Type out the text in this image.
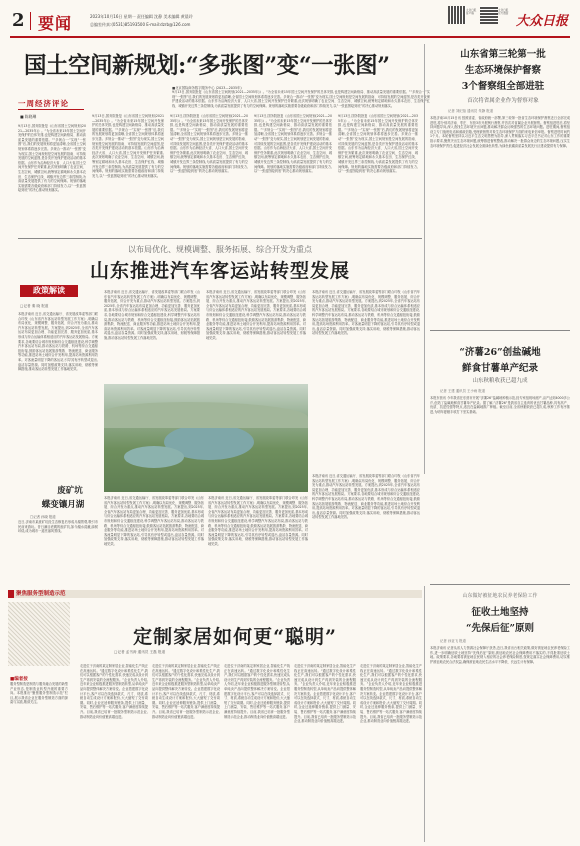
2 要闻	2023年10月16日 星期一 责任编辑 沈静 美术编辑 黄晨玲
总编室传真:(0531)85193500 E-mail:dzrb@126.com
大众日报 客户端
大众日报 官方微信
大众日报
国土空间新规划:“多张图”变“一张图”
■北京国际商务数字服务中心 (2023—2035年)
9月13日,国务院批复《山东省国土空间规划(2021—2035年)》。“为全省未来15年国土空间开发保护的总体安排,也是构建空间新格局、推动高质量发展的重要依据。”“多规合一”实现“一张图”后,我们的发展规划将更加清晰,全省国土空间规划体系将逐步完善。多规合一推动“一张图”变为现实,国土空间规划是空间发展的指南、可持续发展的空间蓝图,是各类开发保护建设活动的基本依据。山东作为沿海经济大省、人口大省,国土空间开发保护任务繁重,此次规划明确了农业空间、生态空间、城镇空间,统筹划定耕地和永久基本农田、生态保护红线、城镇开发边界三条控制线,为高质量发展提供了有力的空间保障。规划的落地实施需要各级政府和部门持续发力,以“一张蓝图绘到底”的决心推动规划落实。
一周经济评论
■ 陈晓琳
9月13日,国务院批复《山东省国土空间规划(2021—2035年)》。“为全省未来15年国土空间开发保护的总体安排,也是构建空间新格局、推动高质量发展的重要依据。”“多规合一”实现“一张图”后,我们的发展规划将更加清晰,全省国土空间规划体系将逐步完善。多规合一推动“一张图”变为现实,国土空间规划是空间发展的指南、可持续发展的空间蓝图,是各类开发保护建设活动的基本依据。山东作为沿海经济大省、人口大省,国土空间开发保护任务繁重,此次规划明确了农业空间、生态空间、城镇空间,统筹划定耕地和永久基本农田、生态保护红线、城镇开发边界三条控制线,为高质量发展提供了有力的空间保障。规划的落地实施需要各级政府和部门持续发力,以“一张蓝图绘到底”的决心推动规划落实。
9月13日,国务院批复《山东省国土空间规划(2021—2035年)》。“为全省未来15年国土空间开发保护的总体安排,也是构建空间新格局、推动高质量发展的重要依据。”“多规合一”实现“一张图”后,我们的发展规划将更加清晰,全省国土空间规划体系将逐步完善。多规合一推动“一张图”变为现实,国土空间规划是空间发展的指南、可持续发展的空间蓝图,是各类开发保护建设活动的基本依据。山东作为沿海经济大省、人口大省,国土空间开发保护任务繁重,此次规划明确了农业空间、生态空间、城镇空间,统筹划定耕地和永久基本农田、生态保护红线、城镇开发边界三条控制线,为高质量发展提供了有力的空间保障。规划的落地实施需要各级政府和部门持续发力,以“一张蓝图绘到底”的决心推动规划落实。
9月13日,国务院批复《山东省国土空间规划(2021—2035年)》。“为全省未来15年国土空间开发保护的总体安排,也是构建空间新格局、推动高质量发展的重要依据。”“多规合一”实现“一张图”后,我们的发展规划将更加清晰,全省国土空间规划体系将逐步完善。多规合一推动“一张图”变为现实,国土空间规划是空间发展的指南、可持续发展的空间蓝图,是各类开发保护建设活动的基本依据。山东作为沿海经济大省、人口大省,国土空间开发保护任务繁重,此次规划明确了农业空间、生态空间、城镇空间,统筹划定耕地和永久基本农田、生态保护红线、城镇开发边界三条控制线,为高质量发展提供了有力的空间保障。规划的落地实施需要各级政府和部门持续发力,以“一张蓝图绘到底”的决心推动规划落实。
9月13日,国务院批复《山东省国土空间规划(2021—2035年)》。“为全省未来15年国土空间开发保护的总体安排,也是构建空间新格局、推动高质量发展的重要依据。”“多规合一”实现“一张图”后,我们的发展规划将更加清晰,全省国土空间规划体系将逐步完善。多规合一推动“一张图”变为现实,国土空间规划是空间发展的指南、可持续发展的空间蓝图,是各类开发保护建设活动的基本依据。山东作为沿海经济大省、人口大省,国土空间开发保护任务繁重,此次规划明确了农业空间、生态空间、城镇空间,统筹划定耕地和永久基本农田、生态保护红线、城镇开发边界三条控制线,为高质量发展提供了有力的空间保障。规划的落地实施需要各级政府和部门持续发力,以“一张蓝图绘到底”的决心推动规划落实。
9月13日,国务院批复《山东省国土空间规划(2021—2035年)》。“为全省未来15年国土空间开发保护的总体安排,也是构建空间新格局、推动高质量发展的重要依据。”“多规合一”实现“一张图”后,我们的发展规划将更加清晰,全省国土空间规划体系将逐步完善。多规合一推动“一张图”变为现实,国土空间规划是空间发展的指南、可持续发展的空间蓝图,是各类开发保护建设活动的基本依据。山东作为沿海经济大省、人口大省,国土空间开发保护任务繁重,此次规划明确了农业空间、生态空间、城镇空间,统筹划定耕地和永久基本农田、生态保护红线、城镇开发边界三条控制线,为高质量发展提供了有力的空间保障。规划的落地实施需要各级政府和部门持续发力,以“一张蓝图绘到底”的决心推动规划落实。
山东省第三轮第一批
生态环境保护督察
3个督察组全部进驻
首次将省属企业作为督察对象
记者 刘纪蓓 通讯员 朱静 报道
本报济南10月15日讯 按照省委、省政府统一部署,第三轮第一批省生态环境保护督察近日全部完成进驻,将分别对济南、枣庄、东营3市开展例行督察,并首次对省属企业开展督察。督察组进驻后,将坚持问题导向,深入查找生态环境突出问题,推动解决群众反映强烈的生态环境问题。进驻期间,督察组设立专门值班电话和邮政信箱,受理被督察对象生态环境保护方面的来电来信举报。督察进驻时间约1个月。本轮督察坚持以习近平生态文明思想为指导,深入贯彻落实习近平总书记对山东工作的重要指示要求,聚焦突出生态环境问题,统筹推进督察整改,推动解决一批群众身边的生态环境问题,压实生态环境保护责任,促进经济社会发展全面绿色转型,为绿色低碳高质量发展先行区建设提供有力保障。
以布局优化、规模调整、服务拓展、综合开发为重点
山东推进汽车客运站转型发展
政策解读
□记者 秦 晓 报道
本报济南讯 近日,省交通运输厅、省发展改革委等部门联合印发《山东省汽车客运站转型发展工作方案》,明确以布局优化、规模调整、服务拓展、综合开发为重点,推动汽车客运站转型发展。方案提出,到2025年,全省汽车客运站布局更加合理、功能更加完善、服务更加优质,基本形成与综合运输体系相适应的汽车客运站发展格局。方案要求,各地要结合城市规划和综合交通枢纽建设,科学调整汽车客运站布局,推动客运站与铁路、机场等综合交通枢纽衔接,鼓励客运站拓展旅游集散、物流配送、商业服务等功能,推进站场土地综合开发利用,提高站场资源利用效率。对客流量明显下降的客运站,引导其有序转型或退出,盘活存量资源。同时加强政策支持,落实用地、财税等保障措施,推动客运站转型发展工作落地见效。
本报济南讯 近日,省交通运输厅、省发展改革委等部门联合印发《山东省汽车客运站转型发展工作方案》,明确以布局优化、规模调整、服务拓展、综合开发为重点,推动汽车客运站转型发展。方案提出,到2025年,全省汽车客运站布局更加合理、功能更加完善、服务更加优质,基本形成与综合运输体系相适应的汽车客运站发展格局。方案要求,各地要结合城市规划和综合交通枢纽建设,科学调整汽车客运站布局,推动客运站与铁路、机场等综合交通枢纽衔接,鼓励客运站拓展旅游集散、物流配送、商业服务等功能,推进站场土地综合开发利用,提高站场资源利用效率。对客流量明显下降的客运站,引导其有序转型或退出,盘活存量资源。同时加强政策支持,落实用地、财税等保障措施,推动客运站转型发展工作落地见效。
本报济南讯 近日,省交通运输厅、省发展改革委等部门联合印发《山东省汽车客运站转型发展工作方案》,明确以布局优化、规模调整、服务拓展、综合开发为重点,推动汽车客运站转型发展。方案提出,到2025年,全省汽车客运站布局更加合理、功能更加完善、服务更加优质,基本形成与综合运输体系相适应的汽车客运站发展格局。方案要求,各地要结合城市规划和综合交通枢纽建设,科学调整汽车客运站布局,推动客运站与铁路、机场等综合交通枢纽衔接,鼓励客运站拓展旅游集散、物流配送、商业服务等功能,推进站场土地综合开发利用,提高站场资源利用效率。对客流量明显下降的客运站,引导其有序转型或退出,盘活存量资源。同时加强政策支持,落实用地、财税等保障措施,推动客运站转型发展工作落地见效。
本报济南讯 近日,省交通运输厅、省发展改革委等部门联合印发《山东省汽车客运站转型发展工作方案》,明确以布局优化、规模调整、服务拓展、综合开发为重点,推动汽车客运站转型发展。方案提出,到2025年,全省汽车客运站布局更加合理、功能更加完善、服务更加优质,基本形成与综合运输体系相适应的汽车客运站发展格局。方案要求,各地要结合城市规划和综合交通枢纽建设,科学调整汽车客运站布局,推动客运站与铁路、机场等综合交通枢纽衔接,鼓励客运站拓展旅游集散、物流配送、商业服务等功能,推进站场土地综合开发利用,提高站场资源利用效率。对客流量明显下降的客运站,引导其有序转型或退出,盘活存量资源。同时加强政策支持,落实用地、财税等保障措施,推动客运站转型发展工作落地见效。
废矿坑
蝶变镶月湖
□记者 孙晓 报道
近日,济南市某废矿坑经生态修复后形成月湖景观,吸引市民前来游玩。昔日满目疮痍的废矿坑,如今湖水清澈,绿树环绕,成为城市一道亮丽风景线。
本报济南讯 近日,省交通运输厅、省发展改革委等部门联合印发《山东省汽车客运站转型发展工作方案》,明确以布局优化、规模调整、服务拓展、综合开发为重点,推动汽车客运站转型发展。方案提出,到2025年,全省汽车客运站布局更加合理、功能更加完善、服务更加优质,基本形成与综合运输体系相适应的汽车客运站发展格局。方案要求,各地要结合城市规划和综合交通枢纽建设,科学调整汽车客运站布局,推动客运站与铁路、机场等综合交通枢纽衔接,鼓励客运站拓展旅游集散、物流配送、商业服务等功能,推进站场土地综合开发利用,提高站场资源利用效率。对客流量明显下降的客运站,引导其有序转型或退出,盘活存量资源。同时加强政策支持,落实用地、财税等保障措施,推动客运站转型发展工作落地见效。
本报济南讯 近日,省交通运输厅、省发展改革委等部门联合印发《山东省汽车客运站转型发展工作方案》,明确以布局优化、规模调整、服务拓展、综合开发为重点,推动汽车客运站转型发展。方案提出,到2025年,全省汽车客运站布局更加合理、功能更加完善、服务更加优质,基本形成与综合运输体系相适应的汽车客运站发展格局。方案要求,各地要结合城市规划和综合交通枢纽建设,科学调整汽车客运站布局,推动客运站与铁路、机场等综合交通枢纽衔接,鼓励客运站拓展旅游集散、物流配送、商业服务等功能,推进站场土地综合开发利用,提高站场资源利用效率。对客流量明显下降的客运站,引导其有序转型或退出,盘活存量资源。同时加强政策支持,落实用地、财税等保障措施,推动客运站转型发展工作落地见效。
本报济南讯 近日,省交通运输厅、省发展改革委等部门联合印发《山东省汽车客运站转型发展工作方案》,明确以布局优化、规模调整、服务拓展、综合开发为重点,推动汽车客运站转型发展。方案提出,到2025年,全省汽车客运站布局更加合理、功能更加完善、服务更加优质,基本形成与综合运输体系相适应的汽车客运站发展格局。方案要求,各地要结合城市规划和综合交通枢纽建设,科学调整汽车客运站布局,推动客运站与铁路、机场等综合交通枢纽衔接,鼓励客运站拓展旅游集散、物流配送、商业服务等功能,推进站场土地综合开发利用,提高站场资源利用效率。对客流量明显下降的客运站,引导其有序转型或退出,盘活存量资源。同时加强政策支持,落实用地、财税等保障措施,推动客运站转型发展工作落地见效。
“济薯26”创盐碱地
鲜食甘薯单产纪录
山东秋粮收获已超九成
记者 王建 通讯员 王小雨 报道
本报东营讯 今年我省在东营市开展“济薯26”盐碱地种植示范,经专家组现场测产,亩产达到4000多公斤,创造了盐碱地鲜食甘薯单产纪录。据了解,“济薯26”是我省自主选育的优良甘薯品种,具有高产、优质、抗逆性强等特点,适宜在盐碱地推广种植。截至目前,全省秋粮收获已超九成,秋种工作有序推进,为明年夏粮丰收打下坚实基础。
聚焦服务型制造示范
定制家居如何更“聪明”
□记者 孟书涛 通讯员 王磊 报道
■编者按
服务型制造是制造与服务融合发展的新型产业形态,是制造业转型升级的重要方向。本报推出“聚焦服务型制造示范”栏目,展示我省企业在服务型制造方面的探索与实践,敬请关注。
走进位于济南的某定制家居企业,智能化生产线正在高速运转。“通过数字化设计和柔性化生产,我们可以根据客户的个性化需求,快速完成从设计到生产再到安装的全流程服务。”企业负责人介绍,近年来企业积极推进服务型制造转型,从单纯卖产品向提供整体解决方案转变。企业搭建数字化设计平台,客户可以在线选择款式、尺寸、材质,系统自动生成设计方案和报价,大大缩短了交付周期。同时,企业还延伸服务链条,提供上门测量、安装、售后维护等一站式服务,客户满意度持续提升。目前,我省已培育一批服务型制造示范企业,推动制造业向价值链高端迈进。
走进位于济南的某定制家居企业,智能化生产线正在高速运转。“通过数字化设计和柔性化生产,我们可以根据客户的个性化需求,快速完成从设计到生产再到安装的全流程服务。”企业负责人介绍,近年来企业积极推进服务型制造转型,从单纯卖产品向提供整体解决方案转变。企业搭建数字化设计平台,客户可以在线选择款式、尺寸、材质,系统自动生成设计方案和报价,大大缩短了交付周期。同时,企业还延伸服务链条,提供上门测量、安装、售后维护等一站式服务,客户满意度持续提升。目前,我省已培育一批服务型制造示范企业,推动制造业向价值链高端迈进。
走进位于济南的某定制家居企业,智能化生产线正在高速运转。“通过数字化设计和柔性化生产,我们可以根据客户的个性化需求,快速完成从设计到生产再到安装的全流程服务。”企业负责人介绍,近年来企业积极推进服务型制造转型,从单纯卖产品向提供整体解决方案转变。企业搭建数字化设计平台,客户可以在线选择款式、尺寸、材质,系统自动生成设计方案和报价,大大缩短了交付周期。同时,企业还延伸服务链条,提供上门测量、安装、售后维护等一站式服务,客户满意度持续提升。目前,我省已培育一批服务型制造示范企业,推动制造业向价值链高端迈进。
走进位于济南的某定制家居企业,智能化生产线正在高速运转。“通过数字化设计和柔性化生产,我们可以根据客户的个性化需求,快速完成从设计到生产再到安装的全流程服务。”企业负责人介绍,近年来企业积极推进服务型制造转型,从单纯卖产品向提供整体解决方案转变。企业搭建数字化设计平台,客户可以在线选择款式、尺寸、材质,系统自动生成设计方案和报价,大大缩短了交付周期。同时,企业还延伸服务链条,提供上门测量、安装、售后维护等一站式服务,客户满意度持续提升。目前,我省已培育一批服务型制造示范企业,推动制造业向价值链高端迈进。
走进位于济南的某定制家居企业,智能化生产线正在高速运转。“通过数字化设计和柔性化生产,我们可以根据客户的个性化需求,快速完成从设计到生产再到安装的全流程服务。”企业负责人介绍,近年来企业积极推进服务型制造转型,从单纯卖产品向提供整体解决方案转变。企业搭建数字化设计平台,客户可以在线选择款式、尺寸、材质,系统自动生成设计方案和报价,大大缩短了交付周期。同时,企业还延伸服务链条,提供上门测量、安装、售后维护等一站式服务,客户满意度持续提升。目前,我省已培育一批服务型制造示范企业,推动制造业向价值链高端迈进。
山东做好被征地农民养老保险工作
征收土地坚持
“先保后征”原则
记者 孙亚飞 报道
本报济南讯 记者从省人力资源社会保障厅获悉,近日,我省出台相关政策,做好被征地农民养老保险工作,进一步明确征收土地坚持“先保后征”原则,被征地农民社会保障费用不落实的,不得批准征收土地。政策要求,各地要将被征地农民纳入相应的社会养老保险制度,按规定落实社会保障费用,切实维护被征地农民合法权益,确保被征地农民生活水平不降低、长远生计有保障。
